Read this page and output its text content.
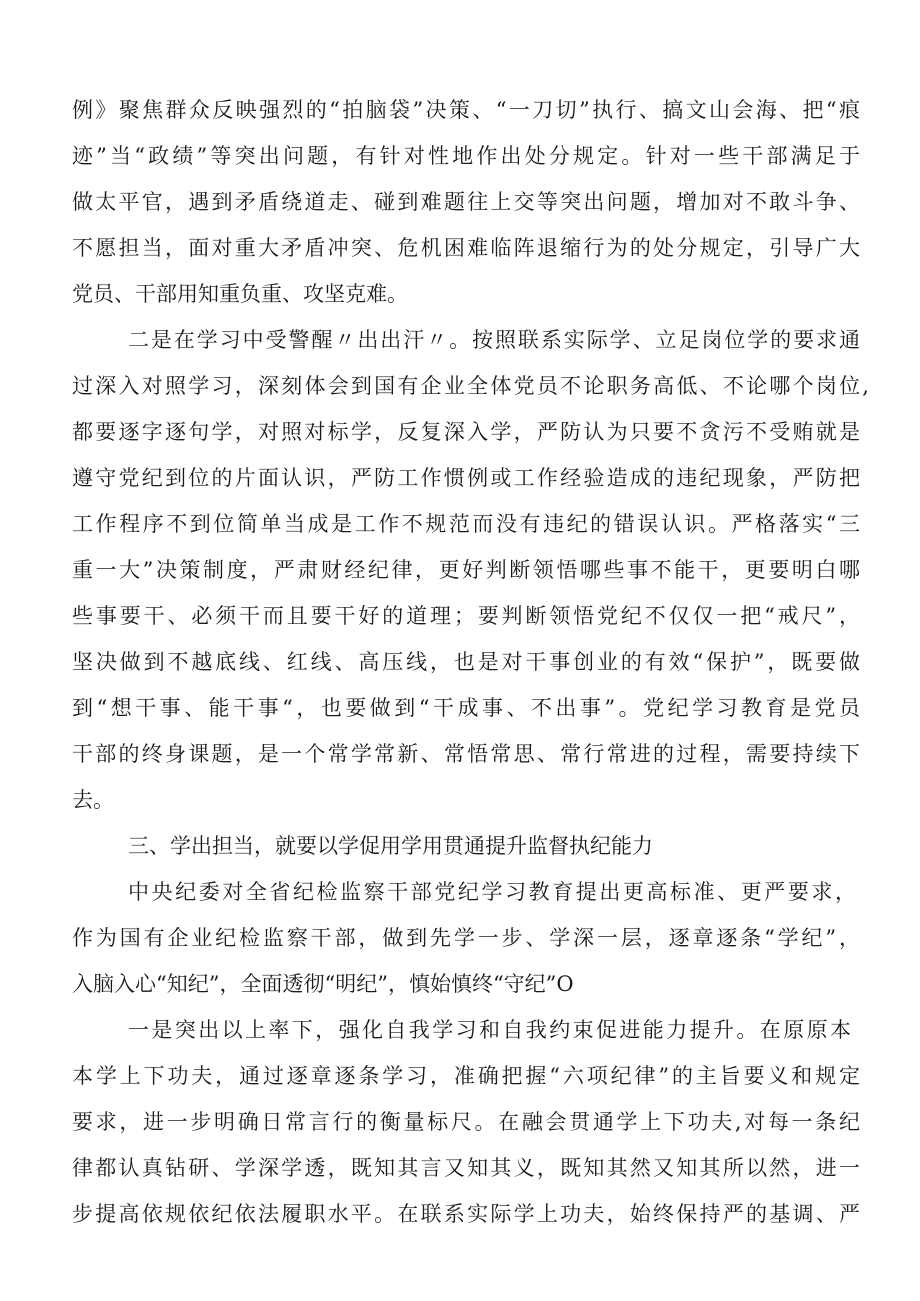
例》聚焦群众反映强烈的“拍脑袋”决策、“一刀切”执行、搞文山会海、把“痕
迹”当“政绩”等突出问题，有针对性地作出处分规定。针对一些干部满足于
做太平官，遇到矛盾绕道走、碰到难题往上交等突出问题，增加对不敢斗争、
不愿担当，面对重大矛盾冲突、危机困难临阵退缩行为的处分规定，引导广大
党员、干部用知重负重、攻坚克难。
二是在学习中受警醒〃出出汗〃。按照联系实际学、立足岗位学的要求通
过深入对照学习，深刻体会到国有企业全体党员不论职务高低、不论哪个岗位,
都要逐字逐句学，对照对标学，反复深入学，严防认为只要不贪污不受贿就是
遵守党纪到位的片面认识，严防工作惯例或工作经验造成的违纪现象，严防把
工作程序不到位简单当成是工作不规范而没有违纪的错误认识。严格落实“三
重一大”决策制度，严肃财经纪律，更好判断领悟哪些事不能干，更要明白哪
些事要干、必须干而且要干好的道理；要判断领悟党纪不仅仅一把“戒尺”，
坚决做到不越底线、红线、高压线，也是对干事创业的有效“保护”，既要做
到“想干事、能干事“，也要做到“干成事、不出事”。党纪学习教育是党员
干部的终身课题，是一个常学常新、常悟常思、常行常进的过程，需要持续下
去。
三、学出担当，就要以学促用学用贯通提升监督执纪能力
中央纪委对全省纪检监察干部党纪学习教育提出更高标准、更严要求，
作为国有企业纪检监察干部，做到先学一步、学深一层，逐章逐条“学纪”，
入脑入心“知纪”，全面透彻“明纪”，慎始慎终“守纪”O
一是突出以上率下，强化自我学习和自我约束促进能力提升。在原原本
本学上下功夫，通过逐章逐条学习，准确把握“六项纪律”的主旨要义和规定
要求，进一步明确日常言行的衡量标尺。在融会贯通学上下功夫,对每一条纪
律都认真钻研、学深学透，既知其言又知其义，既知其然又知其所以然，进一
步提高依规依纪依法履职水平。在联系实际学上功夫，始终保持严的基调、严
